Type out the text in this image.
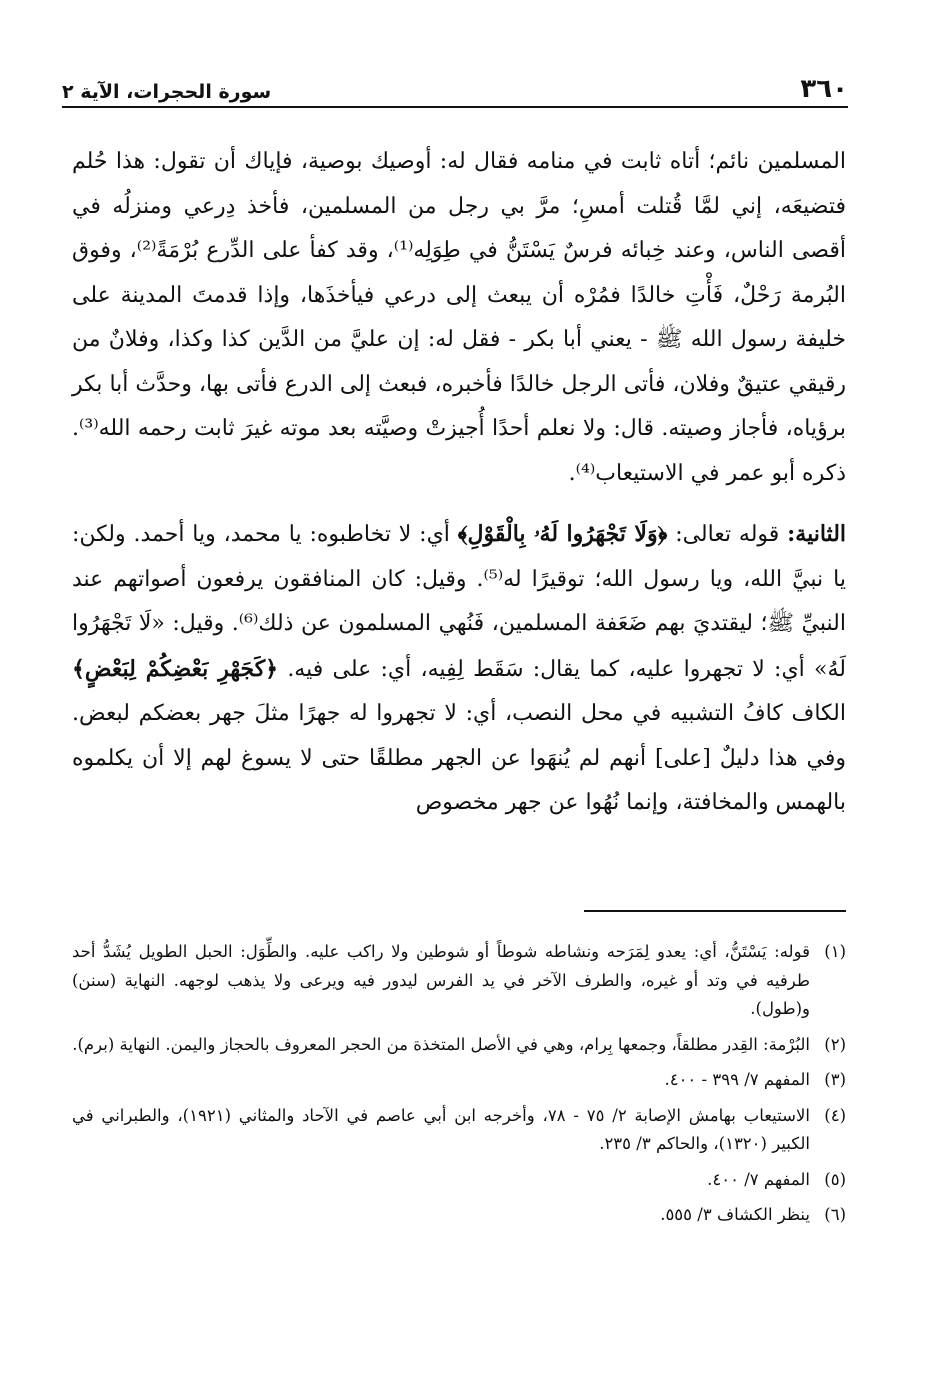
٣٦٠
سورة الحجرات، الآية ٢

المسلمين نائم؛ أتاه ثابت في منامه فقال له: أوصيك بوصية، فإياك أن تقول: هذا حُلم فتضيعَه، إني لمَّا قُتلت أمسِ؛ مرَّ بي رجل من المسلمين، فأخذ دِرعي ومنزلُه في أقصى الناس، وعند خِبائه فرسٌ يَسْتَنُّ في طِوَلِه⁽¹⁾، وقد كفأ على الدِّرع بُرْمَةً⁽²⁾، وفوق البُرمة رَحْلٌ، فَأْتِ خالدًا فمُرْه أن يبعث إلى درعي فيأخذَها، وإذا قدمتَ المدينة على خليفة رسول الله ﷺ - يعني أبا بكر - فقل له: إن عليَّ من الدَّين كذا وكذا، وفلانٌ من رقيقي عتيقٌ وفلان، فأتى الرجل خالدًا فأخبره، فبعث إلى الدرع فأتى بها، وحدَّث أبا بكر برؤياه، فأجاز وصيته. قال: ولا نعلم أحدًا أُجيزتْ وصيَّته بعد موته غيرَ ثابت رحمه الله⁽³⁾. ذكره أبو عمر في الاستيعاب⁽⁴⁾.

الثانية: قوله تعالى: ﴿وَلَا تَجْهَرُوا لَهُۥ بِالْقَوْلِ﴾ أي: لا تخاطبوه: يا محمد، ويا أحمد. ولكن: يا نبيَّ الله، ويا رسول الله؛ توقيرًا له⁽⁵⁾. وقيل: كان المنافقون يرفعون أصواتهم عند النبيِّ ﷺ؛ ليقتديَ بهم ضَعَفة المسلمين، فَنُهي المسلمون عن ذلك⁽⁶⁾. وقيل: «لَا تَجْهَرُوا لَهُ» أي: لا تجهروا عليه، كما يقال: سَقَط لِفِيه، أي: على فيه. ﴿كَجَهْرِ بَعْضِكُمْ لِبَعْضٍ﴾ الكاف كافُ التشبيه في محل النصب، أي: لا تجهروا له جهرًا مثلَ جهر بعضكم لبعض. وفي هذا دليلٌ [على] أنهم لم يُنهَوا عن الجهر مطلقًا حتى لا يسوغ لهم إلا أن يكلموه بالهمس والمخافتة، وإنما نُهُوا عن جهر مخصوص

(١)
قوله: يَسْتَنُّ، أي: يعدو لِمَرَحه ونشاطه شوطاً أو شوطين ولا راكب عليه. والطِّوَل: الحبل الطويل يُشَدُّ أحد طرفيه في وتد أو غيره، والطرف الآخر في يد الفرس ليدور فيه ويرعى ولا يذهب لوجهه. النهاية (سنن) و(طول).
(٢)
البُرْمة: القِدر مطلقاً، وجمعها بِرام، وهي في الأصل المتخذة من الحجر المعروف بالحجاز واليمن. النهاية (برم).
(٣)
المفهم ٧/ ٣٩٩ - ٤٠٠.
(٤)
الاستيعاب بهامش الإصابة ٢/ ٧٥ - ٧٨، وأخرجه ابن أبي عاصم في الآحاد والمثاني (١٩٢١)، والطبراني في الكبير (١٣٢٠)، والحاكم ٣/ ٢٣٥.
(٥)
المفهم ٧/ ٤٠٠.
(٦)
ينظر الكشاف ٣/ ٥٥٥.
